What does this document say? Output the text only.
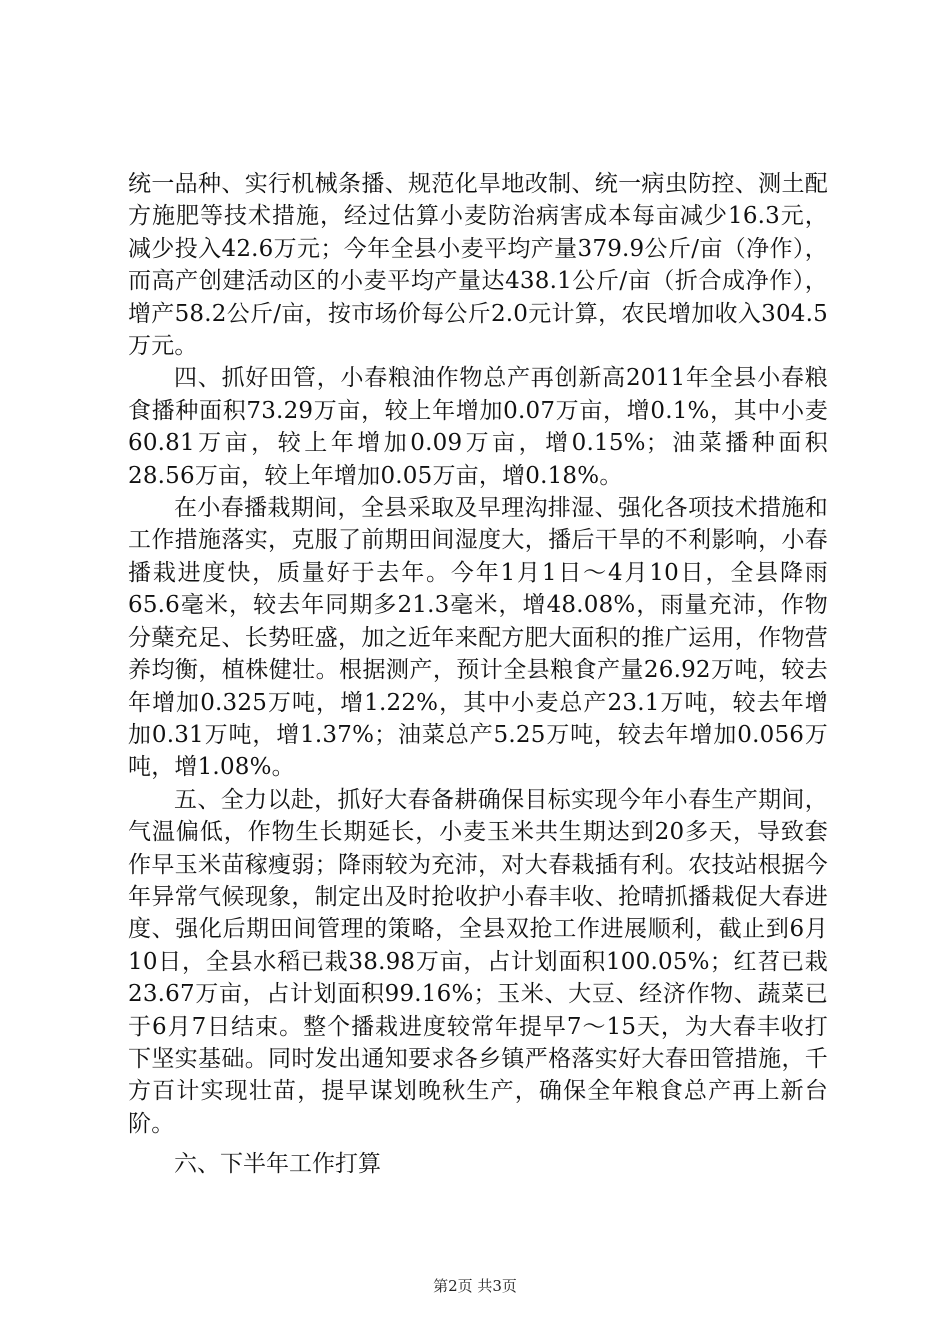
统一品种、实行机械条播、规范化旱地改制、统一病虫防控、测土配方施肥等技术措施，经过估算小麦防治病害成本每亩减少16.3元，减少投入42.6万元；今年全县小麦平均产量379.9公斤/亩（净作），而高产创建活动区的小麦平均产量达438.1公斤/亩（折合成净作），增产58.2公斤/亩，按市场价每公斤2.0元计算，农民增加收入304.5万元。

四、抓好田管，小春粮油作物总产再创新高2011年全县小春粮食播种面积73.29万亩，较上年增加0.07万亩，增0.1%，其中小麦60.81万亩，较上年增加0.09万亩，增0.15%；油菜播种面积28.56万亩，较上年增加0.05万亩，增0.18%。

在小春播栽期间，全县采取及早理沟排湿、强化各项技术措施和工作措施落实，克服了前期田间湿度大，播后干旱的不利影响，小春播栽进度快，质量好于去年。今年1月1日～4月10日，全县降雨65.6毫米，较去年同期多21.3毫米，增48.08%，雨量充沛，作物分蘖充足、长势旺盛，加之近年来配方肥大面积的推广运用，作物营养均衡，植株健壮。根据测产，预计全县粮食产量26.92万吨，较去年增加0.325万吨，增1.22%，其中小麦总产23.1万吨，较去年增加0.31万吨，增1.37%；油菜总产5.25万吨，较去年增加0.056万吨，增1.08%。

五、全力以赴，抓好大春备耕确保目标实现今年小春生产期间，气温偏低，作物生长期延长，小麦玉米共生期达到20多天，导致套作早玉米苗稼瘦弱；降雨较为充沛，对大春栽插有利。农技站根据今年异常气候现象，制定出及时抢收护小春丰收、抢晴抓播栽促大春进度、强化后期田间管理的策略，全县双抢工作进展顺利，截止到6月10日，全县水稻已栽38.98万亩，占计划面积100.05%；红苕已栽23.67万亩，占计划面积99.16%；玉米、大豆、经济作物、蔬菜已于6月7日结束。整个播栽进度较常年提早7～15天，为大春丰收打下坚实基础。同时发出通知要求各乡镇严格落实好大春田管措施，千方百计实现壮苗，提早谋划晚秋生产，确保全年粮食总产再上新台阶。

六、下半年工作打算

第2页 共3页
